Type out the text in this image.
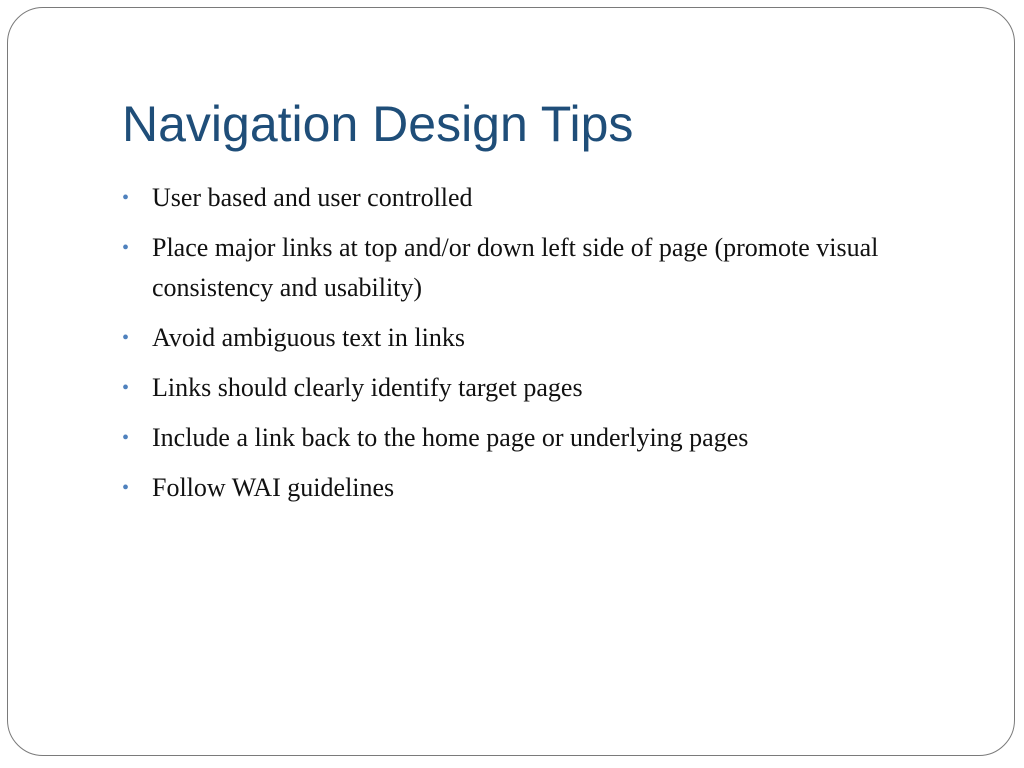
Navigation Design Tips
• User based and user controlled
• Place major links at top and/or down left side of page (promote visual consistency and usability)
• Avoid ambiguous text in links
• Links should clearly identify target pages
• Include a link back to the home page or underlying pages
• Follow WAI guidelines
